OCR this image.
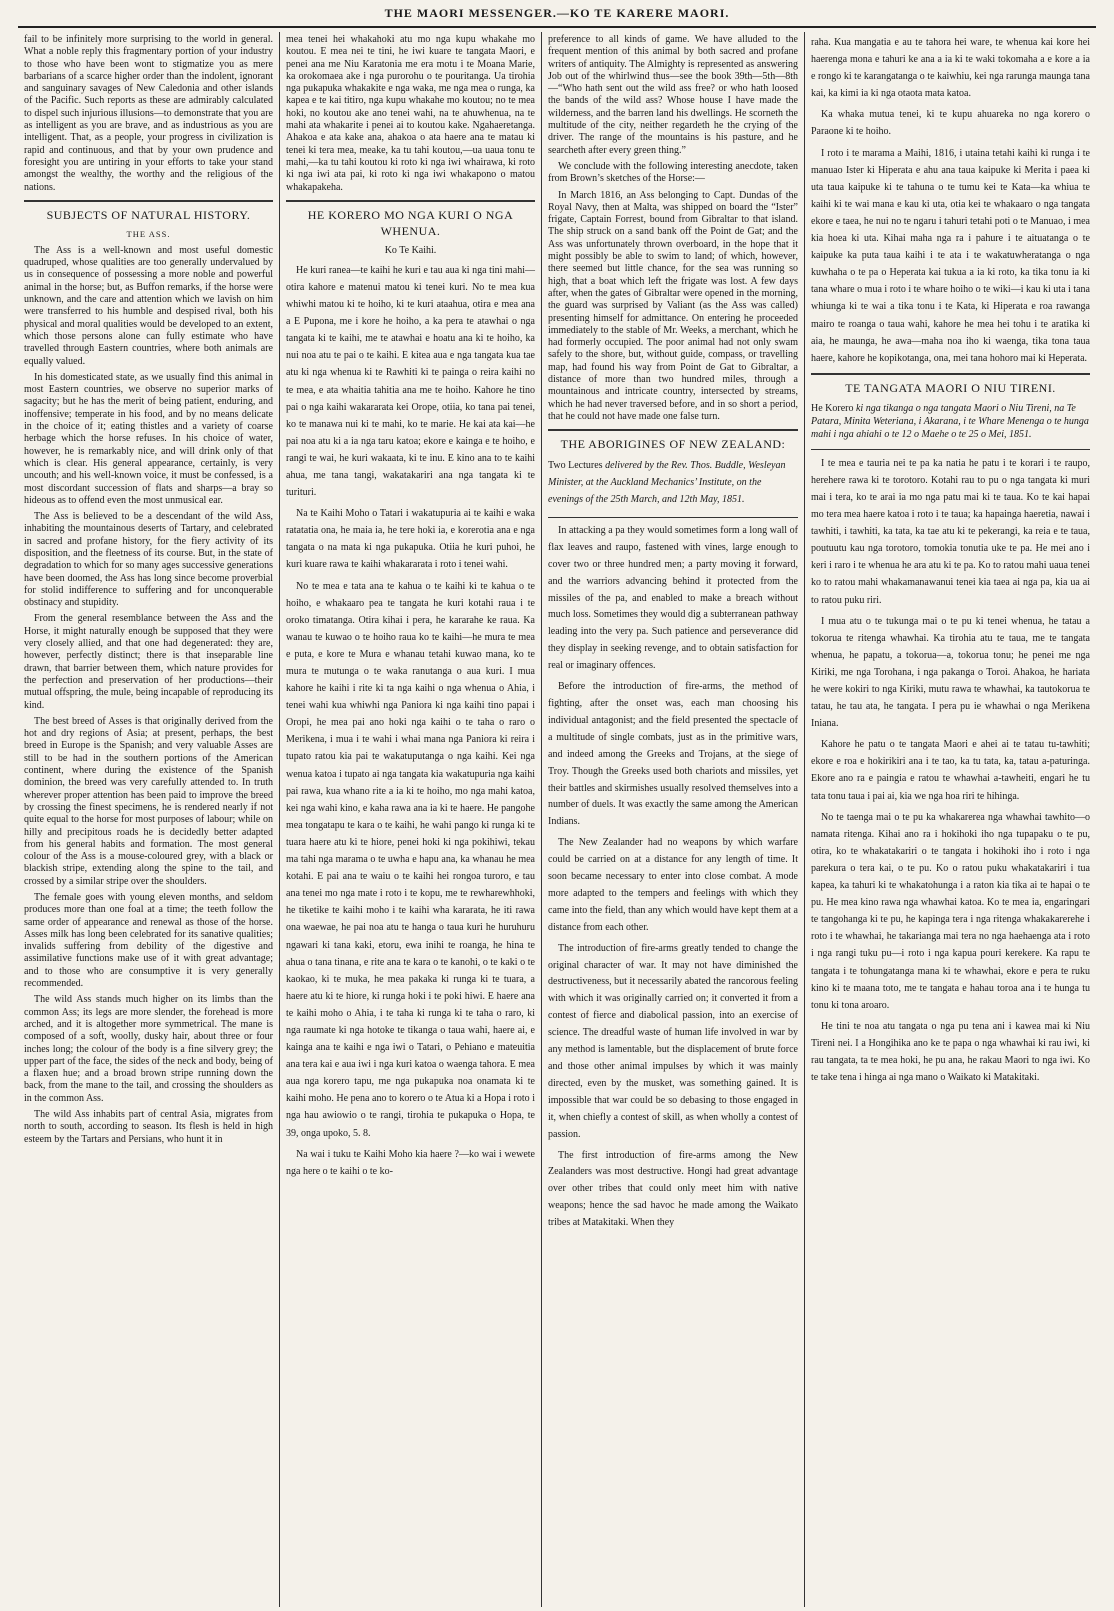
THE MAORI MESSENGER.—KO TE KARERE MAORI.

fail to be infinitely more surprising to the world in general. What a noble reply this fragmentary portion of your industry to those who have been wont to stigmatize you as mere barbarians of a scarce higher order than the indolent, ignorant and sanguinary savages of New Caledonia and other islands of the Pacific. Such reports as these are admirably calculated to dispel such injurious illusions—to demonstrate that you are as intelligent as you are brave, and as industrious as you are intelligent. That, as a people, your progress in civilization is rapid and continuous, and that by your own prudence and foresight you are untiring in your efforts to take your stand amongst the wealthy, the worthy and the religious of the nations.

SUBJECTS OF NATURAL HISTORY.
THE ASS.

The Ass is a well-known and most useful domestic quadruped, whose qualities are too generally undervalued by us in consequence of possessing a more noble and powerful animal in the horse; but, as Buffon remarks, if the horse were unknown, and the care and attention which we lavish on him were transferred to his humble and despised rival, both his physical and moral qualities would be developed to an extent, which those persons alone can fully estimate who have travelled through Eastern countries, where both animals are equally valued.

In his domesticated state, as we usually find this animal in most Eastern countries, we observe no superior marks of sagacity; but he has the merit of being patient, enduring, and inoffensive; temperate in his food, and by no means delicate in the choice of it; eating thistles and a variety of coarse herbage which the horse refuses. In his choice of water, however, he is remarkably nice, and will drink only of that which is clear. His general appearance, certainly, is very uncouth; and his well-known voice, it must be confessed, is a most discordant succession of flats and sharps—a bray so hideous as to offend even the most unmusical ear.

The Ass is believed to be a descendant of the wild Ass, inhabiting the mountainous deserts of Tartary, and celebrated in sacred and profane history, for the fiery activity of its disposition, and the fleetness of its course. But, in the state of degradation to which for so many ages successive generations have been doomed, the Ass has long since become proverbial for stolid indifference to suffering and for unconquerable obstinacy and stupidity.

From the general resemblance between the Ass and the Horse, it might naturally enough be supposed that they were very closely allied, and that one had degenerated: they are, however, perfectly distinct; there is that inseparable line drawn, that barrier between them, which nature provides for the perfection and preservation of her productions—their mutual offspring, the mule, being incapable of reproducing its kind.

The best breed of Asses is that originally derived from the hot and dry regions of Asia; at present, perhaps, the best breed in Europe is the Spanish; and very valuable Asses are still to be had in the southern portions of the American continent, where during the existence of the Spanish dominion, the breed was very carefully attended to. In truth wherever proper attention has been paid to improve the breed by crossing the finest specimens, he is rendered nearly if not quite equal to the horse for most purposes of labour; while on hilly and precipitous roads he is decidedly better adapted from his general habits and formation. The most general colour of the Ass is a mouse-coloured grey, with a black or blackish stripe, extending along the spine to the tail, and crossed by a similar stripe over the shoulders.

The female goes with young eleven months, and seldom produces more than one foal at a time; the teeth follow the same order of appearance and renewal as those of the horse. Asses milk has long been celebrated for its sanative qualities; invalids suffering from debility of the digestive and assimilative functions make use of it with great advantage; and to those who are consumptive it is very generally recommended.

The wild Ass stands much higher on its limbs than the common Ass; its legs are more slender, the forehead is more arched, and it is altogether more symmetrical. The mane is composed of a soft, woolly, dusky hair, about three or four inches long; the colour of the body is a fine silvery grey; the upper part of the face, the sides of the neck and body, being of a flaxen hue; and a broad brown stripe running down the back, from the mane to the tail, and crossing the shoulders as in the common Ass.

The wild Ass inhabits part of central Asia, migrates from north to south, according to season. Its flesh is held in high esteem by the Tartars and Persians, who hunt it in

mea tenei hei whakahoki atu mo nga kupu whakahe mo koutou. E mea nei te tini, he iwi kuare te tangata Maori, e penei ana me Niu Karatonia me era motu i te Moana Marie, ka orokomaea ake i nga purorohu o te pouritanga. Ua tirohia nga pukapuka whakakite e nga waka, me nga mea o runga, ka kapea e te kai titiro, nga kupu whakahe mo koutou; no te mea hoki, no koutou ake ano tenei wahi, na te ahuwhenua, na te mahi ata whakarite i penei ai to koutou kake. Ngahaeretanga. Ahakoa e ata kake ana, ahakoa o ata haere ana te matau ki tenei ki tera mea, meake, ka tu tahi koutou,—ua uaua tonu te mahi,—ka tu tahi koutou ki roto ki nga iwi whairawa, ki roto ki nga iwi ata pai, ki roto ki nga iwi whakapono o matou whakapakeha.

HE KORERO MO NGA KURI O NGA WHENUA.
Ko Te Kaihi.

He kuri ranea—te kaihi he kuri e tau aua ki nga tini mahi—otira kahore e matenui matou ki tenei kuri. No te mea kua whiwhi matou ki te hoiho, ki te kuri ataahua, otira e mea ana a E Pupona, me i kore he hoiho, a ka pera te atawhai o nga tangata ki te kaihi, me te atawhai e hoatu ana ki te hoiho, ka nui noa atu te pai o te kaihi. E kitea aua e nga tangata kua tae atu ki nga whenua ki te Rawhiti ki te painga o reira kaihi no te mea, e ata whaitia tahitia ana me te hoiho. Kahore he tino pai o nga kaihi wakararata kei Orope, otiia, ko tana pai tenei, ko te manawa nui ki te mahi, ko te marie. He kai ata kai—he pai noa atu ki a ia nga taru katoa; ekore e kainga e te hoiho, e rangi te wai, he kuri wakaata, ki te inu. E kino ana to te kaihi ahua, me tana tangi, wakatakariri ana nga tangata ki te turituri.

Na te Kaihi Moho o Tatari i wakatupuria ai te kaihi e waka ratatatia ona, he maia ia, he tere hoki ia, e korerotia ana e nga tangata o na mata ki nga pukapuka. Otiia he kuri puhoi, he kuri kuare rawa te kaihi whakararata i roto i tenei wahi.

No te mea e tata ana te kahua o te kaihi ki te kahua o te hoiho, e whakaaro pea te tangata he kuri kotahi raua i te oroko timatanga. Otira kihai i pera, he kararahe ke raua. Ka wanau te kuwao o te hoiho raua ko te kaihi—he mura te mea e puta, e kore te Mura e whanau tetahi kuwao mana, ko te mura te mutunga o te waka ranutanga o aua kuri. I mua kahore he kaihi i rite ki ta nga kaihi o nga whenua o Ahia, i tenei wahi kua whiwhi nga Paniora ki nga kaihi tino papai i Oropi, he mea pai ano hoki nga kaihi o te taha o raro o Merikena, i mua i te wahi i whai mana nga Paniora ki reira i tupato ratou kia pai te wakatuputanga o nga kaihi. Kei nga wenua katoa i tupato ai nga tangata kia wakatupuria nga kaihi pai rawa, kua whano rite a ia ki te hoiho, mo nga mahi katoa, kei nga wahi kino, e kaha rawa ana ia ki te haere. He pangohe mea tongatapu te kara o te kaihi, he wahi pango ki runga ki te tuara haere atu ki te hiore, penei hoki ki nga pokihiwi, tekau ma tahi nga marama o te uwha e hapu ana, ka whanau he mea kotahi. E pai ana te waiu o te kaihi hei rongoa turoro, e tau ana tenei mo nga mate i roto i te kopu, me te rewharewhhoki, he tiketike te kaihi moho i te kaihi wha kararata, he iti rawa ona waewae, he pai noa atu te hanga o taua kuri he huruhuru ngawari ki tana kaki, etoru, ewa inihi te roanga, he hina te ahua o tana tinana, e rite ana te kara o te kanohi, o te kaki o te kaokao, ki te muka, he mea pakaka ki runga ki te tuara, a haere atu ki te hiore, ki runga hoki i te poki hiwi. E haere ana te kaihi moho o Ahia, i te taha ki runga ki te taha o raro, ki nga raumate ki nga hotoke te tikanga o taua wahi, haere ai, e kainga ana te kaihi e nga iwi o Tatari, o Pehiano e mateuitia ana tera kai e aua iwi i nga kuri katoa o waenga tahora. E mea aua nga korero tapu, me nga pukapuka noa onamata ki te kaihi moho. He pena ano to korero o te Atua ki a Hopa i roto i nga hau awiowio o te rangi, tirohia te pukapuka o Hopa, te 39, onga upoko, 5. 8.

Na wai i tuku te Kaihi Moho kia haere ?—ko wai i wewete nga here o te kaihi o te ko-

preference to all kinds of game. We have alluded to the frequent mention of this animal by both sacred and profane writers of antiquity. The Almighty is represented as answering Job out of the whirlwind thus—see the book 39th—5th—8th—“Who hath sent out the wild ass free? or who hath loosed the bands of the wild ass? Whose house I have made the wilderness, and the barren land his dwellings. He scorneth the multitude of the city, neither regardeth he the crying of the driver. The range of the mountains is his pasture, and he searcheth after every green thing.”

We conclude with the following interesting anecdote, taken from Brown’s sketches of the Horse:—

In March 1816, an Ass belonging to Capt. Dundas of the Royal Navy, then at Malta, was shipped on board the “Ister” frigate, Captain Forrest, bound from Gibraltar to that island. The ship struck on a sand bank off the Point de Gat; and the Ass was unfortunately thrown overboard, in the hope that it might possibly be able to swim to land; of which, however, there seemed but little chance, for the sea was running so high, that a boat which left the frigate was lost. A few days after, when the gates of Gibraltar were opened in the morning, the guard was surprised by Valiant (as the Ass was called) presenting himself for admittance. On entering he proceeded immediately to the stable of Mr. Weeks, a merchant, which he had formerly occupied. The poor animal had not only swam safely to the shore, but, without guide, compass, or travelling map, had found his way from Point de Gat to Gibraltar, a distance of more than two hundred miles, through a mountainous and intricate country, intersected by streams, which he had never traversed before, and in so short a period, that he could not have made one false turn.

THE ABORIGINES OF NEW ZEALAND:

Two Lectures delivered by the Rev. Thos. Buddle, Wesleyan Minister, at the Auckland Mechanics’ Institute, on the evenings of the 25th March, and 12th May, 1851.

In attacking a pa they would sometimes form a long wall of flax leaves and raupo, fastened with vines, large enough to cover two or three hundred men; a party moving it forward, and the warriors advancing behind it protected from the missiles of the pa, and enabled to make a breach without much loss. Sometimes they would dig a subterranean pathway leading into the very pa. Such patience and perseverance did they display in seeking revenge, and to obtain satisfaction for real or imaginary offences.

Before the introduction of fire-arms, the method of fighting, after the onset was, each man choosing his individual antagonist; and the field presented the spectacle of a multitude of single combats, just as in the primitive wars, and indeed among the Greeks and Trojans, at the siege of Troy. Though the Greeks used both chariots and missiles, yet their battles and skirmishes usually resolved themselves into a number of duels. It was exactly the same among the American Indians.

The New Zealander had no weapons by which warfare could be carried on at a distance for any length of time. It soon became necessary to enter into close combat. A mode more adapted to the tempers and feelings with which they came into the field, than any which would have kept them at a distance from each other.

The introduction of fire-arms greatly tended to change the original character of war. It may not have diminished the destructiveness, but it necessarily abated the rancorous feeling with which it was originally carried on; it converted it from a contest of fierce and diabolical passion, into an exercise of science. The dreadful waste of human life involved in war by any method is lamentable, but the displacement of brute force and those other animal impulses by which it was mainly directed, even by the musket, was something gained. It is impossible that war could be so debasing to those engaged in it, when chiefly a contest of skill, as when wholly a contest of passion.

The first introduction of fire-arms among the New Zealanders was most destructive. Hongi had great advantage over other tribes that could only meet him with native weapons; hence the sad havoc he made among the Waikato tribes at Matakitaki. When they

raha. Kua mangatia e au te tahora hei ware, te whenua kai kore hei haerenga mona e tahuri ke ana a ia ki te waki tokomaha a e kore a ia e rongo ki te karangatanga o te kaiwhiu, kei nga rarunga maunga tana kai, ka kimi ia ki nga otaota mata katoa.

Ka whaka mutua tenei, ki te kupu ahuareka no nga korero o Paraone ki te hoiho.

I roto i te marama a Maihi, 1816, i utaina tetahi kaihi ki runga i te manuao Ister ki Hiperata e ahu ana taua kaipuke ki Merita i paea ki uta taua kaipuke ki te tahuna o te tumu kei te Kata—ka whiua te kaihi ki te wai mana e kau ki uta, otia kei te whakaaro o nga tangata ekore e taea, he nui no te ngaru i tahuri tetahi poti o te Manuao, i mea kia hoea ki uta. Kihai maha nga ra i pahure i te aituatanga o te kaipuke ka puta taua kaihi i te ata i te wakatuwheratanga o nga kuwhaha o te pa o Heperata kai tukua a ia ki roto, ka tika tonu ia ki tana whare o mua i roto i te whare hoiho o te wiki—i kau ki uta i tana whiunga ki te wai a tika tonu i te Kata, ki Hiperata e roa rawanga mairo te roanga o taua wahi, kahore he mea hei tohu i te aratika ki aia, he maunga, he awa—maha noa iho ki waenga, tika tona taua haere, kahore he kopikotanga, ona, mei tana hohoro mai ki Heperata.

TE TANGATA MAORI O NIU TIRENI.

He Korero ki nga tikanga o nga tangata Maori o Niu Tireni, na Te Patara, Minita Weteriana, i Akarana, i te Whare Menenga o te hunga mahi i nga ahiahi o te 12 o Maehe o te 25 o Mei, 1851.

I te mea e tauria nei te pa ka natia he patu i te korari i te raupo, herehere rawa ki te torotoro. Kotahi rau to pu o nga tangata ki muri mai i tera, ko te arai ia mo nga patu mai ki te taua. Ko te kai hapai mo tera mea haere katoa i roto i te taua; ka hapainga haeretia, nawai i tawhiti, i tawhiti, ka tata, ka tae atu ki te pekerangi, ka reia e te taua, poutuutu kau nga torotoro, tomokia tonutia uke te pa. He mei ano i keri i raro i te whenua he ara atu ki te pa. Ko to ratou mahi uaua tenei ko to ratou mahi whakamanawanui tenei kia taea ai nga pa, kia ua ai to ratou puku riri.

I mua atu o te tukunga mai o te pu ki tenei whenua, he tatau a tokorua te ritenga whawhai. Ka tirohia atu te taua, me te tangata whenua, he papatu, a tokorua—a, tokorua tonu; he penei me nga Kiriki, me nga Torohana, i nga pakanga o Toroi. Ahakoa, he hariata he were kokiri to nga Kiriki, mutu rawa te whawhai, ka tautokorua te tatau, he tau ata, he tangata. I pera pu ie whawhai o nga Merikena Iniana.

Kahore he patu o te tangata Maori e ahei ai te tatau tu-tawhiti; ekore e roa e hokirikiri ana i te tao, ka tu tata, ka, tatau a-paturinga. Ekore ano ra e paingia e ratou te whawhai a-tawheiti, engari he tu tata tonu taua i pai ai, kia we nga hoa riri te hihinga.

No te taenga mai o te pu ka whakarerea nga whawhai tawhito—o namata ritenga. Kihai ano ra i hokihoki iho nga tupapaku o te pu, otira, ko te whakatakariri o te tangata i hokihoki iho i roto i nga parekura o tera kai, o te pu. Ko o ratou puku whakatakariri i tua kapea, ka tahuri ki te whakatohunga i a raton kia tika ai te hapai o te pu. He mea kino rawa nga whawhai katoa. Ko te mea ia, engaringari te tangohanga ki te pu, he kapinga tera i nga ritenga whakakarerehe i roto i te whawhai, he takarianga mai tera no nga haehaenga ata i roto i nga rangi tuku pu—i roto i nga kapua pouri kerekere. Ka rapu te tangata i te tohungatanga mana ki te whawhai, ekore e pera te ruku kino ki te maana toto, me te tangata e hahau toroa ana i te hunga tu tonu ki tona aroaro.

He tini te noa atu tangata o nga pu tena ani i kawea mai ki Niu Tireni nei. I a Hongihika ano ke te papa o nga whawhai ki rau iwi, ki rau tangata, ta te mea hoki, he pu ana, he rakau Maori to nga iwi. Ko te take tena i hinga ai nga mano o Waikato ki Matakitaki.
